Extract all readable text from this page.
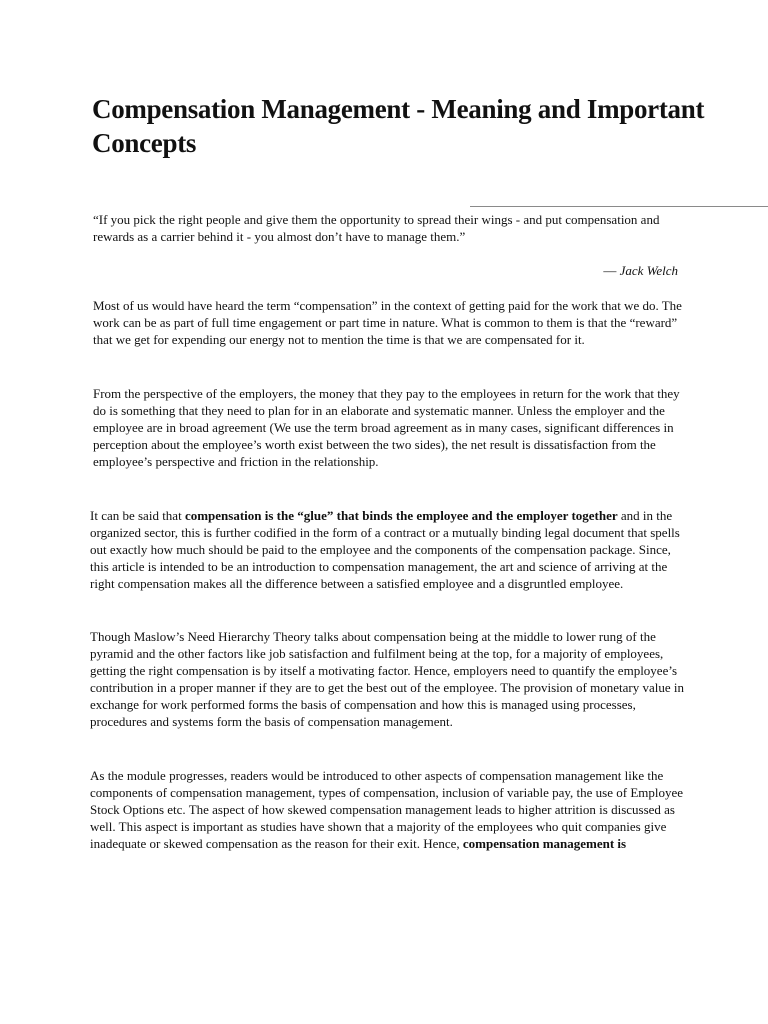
Compensation Management - Meaning and Important Concepts

“If you pick the right people and give them the opportunity to spread their wings - and put compensation and rewards as a carrier behind it - you almost don’t have to manage them.”

― Jack Welch

Most of us would have heard the term “compensation” in the context of getting paid for the work that we do. The work can be as part of full time engagement or part time in nature. What is common to them is that the “reward” that we get for expending our energy not to mention the time is that we are compensated for it.

From the perspective of the employers, the money that they pay to the employees in return for the work that they do is something that they need to plan for in an elaborate and systematic manner. Unless the employer and the employee are in broad agreement (We use the term broad agreement as in many cases, significant differences in perception about the employee’s worth exist between the two sides), the net result is dissatisfaction from the employee’s perspective and friction in the relationship.

It can be said that compensation is the “glue” that binds the employee and the employer together and in the organized sector, this is further codified in the form of a contract or a mutually binding legal document that spells out exactly how much should be paid to the employee and the components of the compensation package. Since, this article is intended to be an introduction to compensation management, the art and science of arriving at the right compensation makes all the difference between a satisfied employee and a disgruntled employee.

Though Maslow’s Need Hierarchy Theory talks about compensation being at the middle to lower rung of the pyramid and the other factors like job satisfaction and fulfilment being at the top, for a majority of employees, getting the right compensation is by itself a motivating factor. Hence, employers need to quantify the employee’s contribution in a proper manner if they are to get the best out of the employee. The provision of monetary value in exchange for work performed forms the basis of compensation and how this is managed using processes, procedures and systems form the basis of compensation management.

As the module progresses, readers would be introduced to other aspects of compensation management like the components of compensation management, types of compensation, inclusion of variable pay, the use of Employee Stock Options etc. The aspect of how skewed compensation management leads to higher attrition is discussed as well. This aspect is important as studies have shown that a majority of the employees who quit companies give inadequate or skewed compensation as the reason for their exit. Hence, compensation management is
